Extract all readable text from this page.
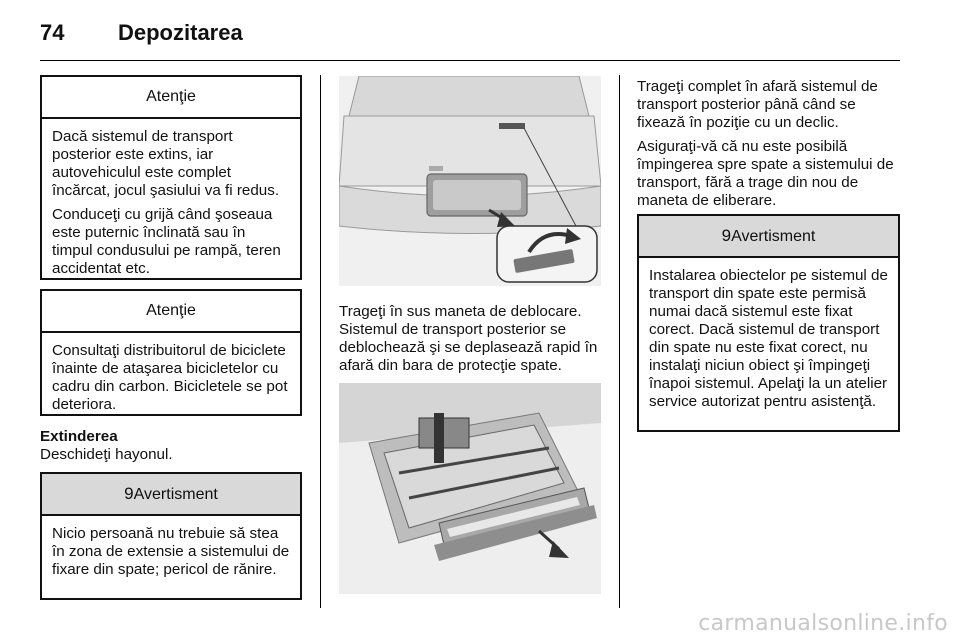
74 Depozitarea
Atenţie

Dacă sistemul de transport posterior este extins, iar autovehiculul este complet încărcat, jocul şasiului va fi redus.

Conduceţi cu grijă când şoseaua este puternic înclinată sau în timpul condusului pe rampă, teren accidentat etc.

Atenţie

Consultaţi distribuitorul de biciclete înainte de ataşarea bicicletelor cu cadru din carbon. Bicicletele se pot deteriora.

Extinderea
Deschideţi hayonul.
9Avertisment

Nicio persoană nu trebuie să stea în zona de extensie a sistemului de fixare din spate; pericol de rănire.

Trageţi în sus maneta de deblocare. Sistemul de transport posterior se deblochează şi se deplasează rapid în afară din bara de protecţie spate.

Trageţi complet în afară sistemul de transport posterior până când se fixează în poziţie cu un declic.

Asiguraţi-vă că nu este posibilă împingerea spre spate a sistemului de transport, fără a trage din nou de maneta de eliberare.

9Avertisment

Instalarea obiectelor pe sistemul de transport din spate este permisă numai dacă sistemul este fixat corect. Dacă sistemul de transport din spate nu este fixat corect, nu instalaţi niciun obiect şi împingeţi înapoi sistemul. Apelaţi la un atelier service autorizat pentru asistenţă.

carmanualsonline.info
